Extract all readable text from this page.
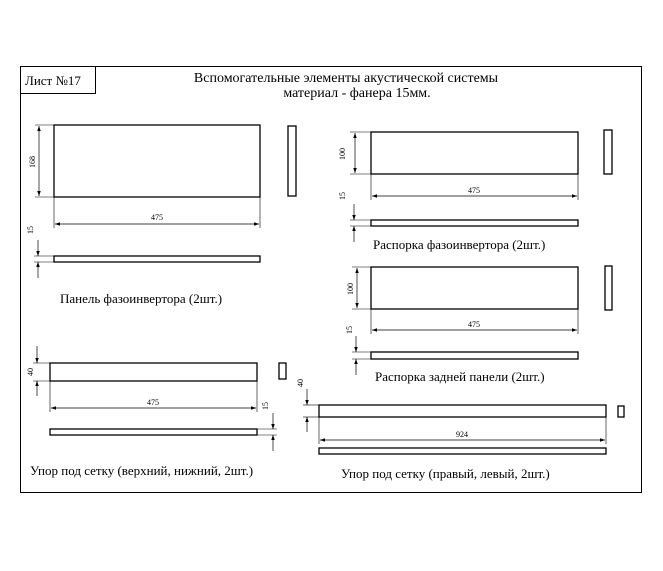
Лист №17	Вспомогательные элементы акустической системы
материал - фанера 15мм.
168
475
15
Панель фазоинвертора (2шт.)
100
475
15
Распорка фазоинвертора (2шт.)
100
475
15
Распорка задней панели (2шт.)
40
475	15
Упор под сетку (верхний, нижний, 2шт.)
40
924
Упор под сетку (правый, левый, 2шт.)
